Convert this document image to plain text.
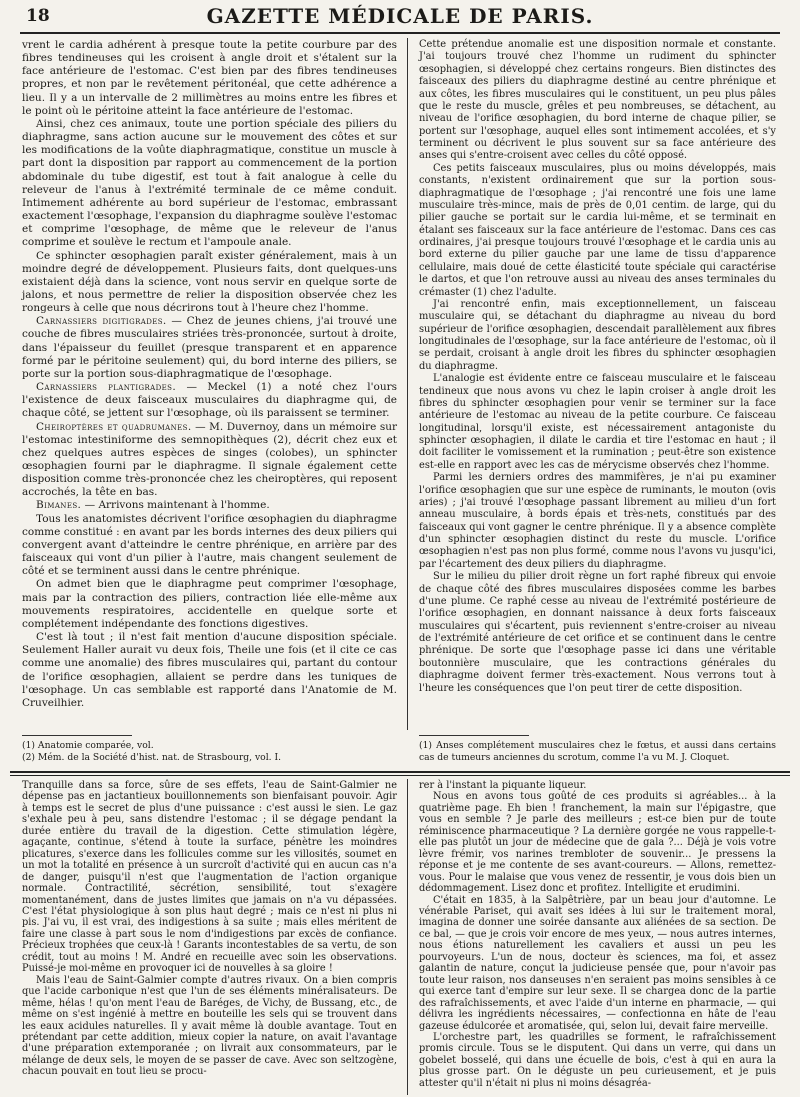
18	GAZETTE MÉDICALE DE PARIS.

vrent le cardia adhérent à presque toute la petite courbure par des fibres tendineuses qui les croisent à angle droit et s'étalent sur la face antérieure de l'estomac. C'est bien par des fibres tendineuses propres, et non par le revêtement péritonéal, que cette adhérence a lieu. Il y a un intervalle de 2 millimètres au moins entre les fibres et le point où le péritoine atteint la face antérieure de l'estomac.

Ainsi, chez ces animaux, toute une portion spéciale des piliers du diaphragme, sans action aucune sur le mouvement des côtes et sur les modifications de la voûte diaphragmatique, constitue un muscle à part dont la disposition par rapport au commencement de la portion abdominale du tube digestif, est tout à fait analogue à celle du releveur de l'anus à l'extrémité terminale de ce même conduit. Intimement adhérente au bord supérieur de l'estomac, embrassant exactement l'œsophage, l'expansion du diaphragme soulève l'estomac et comprime l'œsophage, de même que le releveur de l'anus comprime et soulève le rectum et l'ampoule anale.

Ce sphincter œsophagien paraît exister généralement, mais à un moindre degré de développement. Plusieurs faits, dont quelques-uns existaient déjà dans la science, vont nous servir en quelque sorte de jalons, et nous permettre de relier la disposition observée chez les rongeurs à celle que nous décrirons tout à l'heure chez l'homme.

Carnassiers digitigrades. — Chez de jeunes chiens, j'ai trouvé une couche de fibres musculaires striées très-prononcée, surtout à droite, dans l'épaisseur du feuillet (presque transparent et en apparence formé par le péritoine seulement) qui, du bord interne des piliers, se porte sur la portion sous-diaphragmatique de l'œsophage.

Carnassiers plantigrades. — Meckel (1) a noté chez l'ours l'existence de deux faisceaux musculaires du diaphragme qui, de chaque côté, se jettent sur l'œsophage, où ils paraissent se terminer.

Cheiroptères et quadrumanes. — M. Duvernoy, dans un mémoire sur l'estomac intestiniforme des semnopithèques (2), décrit chez eux et chez quelques autres espèces de singes (colobes), un sphincter œsophagien fourni par le diaphragme. Il signale également cette disposition comme très-prononcée chez les cheiroptères, qui reposent accrochés, la tête en bas.

Bimanes. — Arrivons maintenant à l'homme.

Tous les anatomistes décrivent l'orifice œsophagien du diaphragme comme constitué : en avant par les bords internes des deux piliers qui convergent avant d'atteindre le centre phrénique, en arrière par des faisceaux qui vont d'un pilier à l'autre, mais changent seulement de côté et se terminent aussi dans le centre phrénique.

On admet bien que le diaphragme peut comprimer l'œsophage, mais par la contraction des piliers, contraction liée elle-même aux mouvements respiratoires, accidentelle en quelque sorte et complétement indépendante des fonctions digestives.

C'est là tout ; il n'est fait mention d'aucune disposition spéciale. Seulement Haller aurait vu deux fois, Theile une fois (et il cite ce cas comme une anomalie) des fibres musculaires qui, partant du contour de l'orifice œsophagien, allaient se perdre dans les tuniques de l'œsophage. Un cas semblable est rapporté dans l'Anatomie de M. Cruveilhier.

Cette prétendue anomalie est une disposition normale et constante. J'ai toujours trouvé chez l'homme un rudiment du sphincter œsophagien, si développé chez certains rongeurs. Bien distinctes des faisceaux des piliers du diaphragme destiné au centre phrénique et aux côtes, les fibres musculaires qui le constituent, un peu plus pâles que le reste du muscle, grêles et peu nombreuses, se détachent, au niveau de l'orifice œsophagien, du bord interne de chaque pilier, se portent sur l'œsophage, auquel elles sont intimement accolées, et s'y terminent ou décrivent le plus souvent sur sa face antérieure des anses qui s'entre-croisent avec celles du côté opposé.

Ces petits faisceaux musculaires, plus ou moins développés, mais constants, n'existent ordinairement que sur la portion sous-diaphragmatique de l'œsophage ; j'ai rencontré une fois une lame musculaire très-mince, mais de près de 0,01 centim. de large, qui du pilier gauche se portait sur le cardia lui-même, et se terminait en étalant ses faisceaux sur la face antérieure de l'estomac. Dans ces cas ordinaires, j'ai presque toujours trouvé l'œsophage et le cardia unis au bord externe du pilier gauche par une lame de tissu d'apparence cellulaire, mais doué de cette élasticité toute spéciale qui caractérise le dartos, et que l'on retrouve aussi au niveau des anses terminales du crémaster (1) chez l'adulte.

J'ai rencontré enfin, mais exceptionnellement, un faisceau musculaire qui, se détachant du diaphragme au niveau du bord supérieur de l'orifice œsophagien, descendait parallèlement aux fibres longitudinales de l'œsophage, sur la face antérieure de l'estomac, où il se perdait, croisant à angle droit les fibres du sphincter œsophagien du diaphragme.

L'analogie est évidente entre ce faisceau musculaire et le faisceau tendineux que nous avons vu chez le lapin croiser à angle droit les fibres du sphincter œsophagien pour venir se terminer sur la face antérieure de l'estomac au niveau de la petite courbure. Ce faisceau longitudinal, lorsqu'il existe, est nécessairement antagoniste du sphincter œsophagien, il dilate le cardia et tire l'estomac en haut ; il doit faciliter le vomissement et la rumination ; peut-être son existence est-elle en rapport avec les cas de mérycisme observés chez l'homme.

Parmi les derniers ordres des mammifères, je n'ai pu examiner l'orifice œsophagien que sur une espèce de ruminants, le mouton (ovis aries) ; j'ai trouvé l'œsophage passant librement au milieu d'un fort anneau musculaire, à bords épais et très-nets, constitués par des faisceaux qui vont gagner le centre phrénique. Il y a absence complète d'un sphincter œsophagien distinct du reste du muscle. L'orifice œsophagien n'est pas non plus formé, comme nous l'avons vu jusqu'ici, par l'écartement des deux piliers du diaphragme.

Sur le milieu du pilier droit règne un fort raphé fibreux qui envoie de chaque côté des fibres musculaires disposées comme les barbes d'une plume. Ce raphé cesse au niveau de l'extrémité postérieure de l'orifice œsophagien, en donnant naissance à deux forts faisceaux musculaires qui s'écartent, puis reviennent s'entre-croiser au niveau de l'extrémité antérieure de cet orifice et se continuent dans le centre phrénique. De sorte que l'œsophage passe ici dans une véritable boutonnière musculaire, que les contractions générales du diaphragme doivent fermer très-exactement. Nous verrons tout à l'heure les conséquences que l'on peut tirer de cette disposition.

(1) Anatomie comparée, vol.

(2) Mém. de la Société d'hist. nat. de Strasbourg, vol. I.

(1) Anses complétement musculaires chez le fœtus, et aussi dans certains cas de tumeurs anciennes du scrotum, comme l'a vu M. J. Cloquet.

Tranquille dans sa force, sûre de ses effets, l'eau de Saint-Galmier ne dépense pas en jactantieux bouillonnements son bienfaisant pouvoir. Agir à temps est le secret de plus d'une puissance : c'est aussi le sien. Le gaz s'exhale peu à peu, sans distendre l'estomac ; il se dégage pendant la durée entière du travail de la digestion. Cette stimulation légère, agaçante, continue, s'étend à toute la surface, pénètre les moindres plicatures, s'exerce dans les follicules comme sur les villosités, soumet en un mot la totalité en présence à un surcroît d'activité qui en aucun cas n'a de danger, puisqu'il n'est que l'augmentation de l'action organique normale. Contractilité, sécrétion, sensibilité, tout s'exagère momentanément, dans de justes limites que jamais on n'a vu dépassées. C'est l'état physiologique à son plus haut degré ; mais ce n'est ni plus ni pis. J'ai vu, il est vrai, des indigestions à sa suite ; mais elles méritent de faire une classe à part sous le nom d'indigestions par excès de confiance. Précieux trophées que ceux-là ! Garants incontestables de sa vertu, de son crédit, tout au moins ! M. André en recueille avec soin les observations. Puissé-je moi-même en provoquer ici de nouvelles à sa gloire !

Mais l'eau de Saint-Galmier compte d'autres rivaux. On a bien compris que l'acide carbonique n'est que l'un de ses éléments minéralisateurs. De même, hélas ! qu'on ment l'eau de Baréges, de Vichy, de Bussang, etc., de même on s'est ingénié à mettre en bouteille les sels qui se trouvent dans les eaux acidules naturelles. Il y avait même là double avantage. Tout en prétendant par cette addition, mieux copier la nature, on avait l'avantage d'une préparation extemporanée ; on livrait aux consommateurs, par le mélange de deux sels, le moyen de se passer de cave. Avec son seltzogène, chacun pouvait en tout lieu se procu-

rer à l'instant la piquante liqueur.

Nous en avons tous goûté de ces produits si agréables... à la quatrième page. Eh bien ! franchement, la main sur l'épigastre, que vous en semble ? Je parle des meilleurs ; est-ce bien pur de toute réminiscence pharmaceutique ? La dernière gorgée ne vous rappelle-t-elle pas plutôt un jour de médecine que de gala ?... Déjà je vois votre lèvre frémir, vos narines trembloter de souvenir... Je pressens la réponse et je me contente de ses avant-coureurs. — Allons, remettez-vous. Pour le malaise que vous venez de ressentir, je vous dois bien un dédommagement. Lisez donc et profitez. Intelligite et erudimini.

C'était en 1835, à la Salpêtrière, par un beau jour d'automne. Le vénérable Pariset, qui avait ses idées à lui sur le traitement moral, imagina de donner une soirée dansante aux aliénées de sa section. De ce bal, — que je crois voir encore de mes yeux, — nous autres internes, nous étions naturellement les cavaliers et aussi un peu les pourvoyeurs. L'un de nous, docteur ès sciences, ma foi, et assez galantin de nature, conçut la judicieuse pensée que, pour n'avoir pas toute leur raison, nos danseuses n'en seraient pas moins sensibles à ce qui exerce tant d'empire sur leur sexe. Il se chargea donc de la partie des rafraîchissements, et avec l'aide d'un interne en pharmacie, — qui délivra les ingrédients nécessaires, — confectionna en hâte de l'eau gazeuse édulcorée et aromatisée, qui, selon lui, devait faire merveille.

L'orchestre part, les quadrilles se forment, le rafraîchissement promis circule. Tous se le disputent. Qui dans un verre, qui dans un gobelet bosselé, qui dans une écuelle de bois, c'est à qui en aura la plus grosse part. On le déguste un peu curieusement, et je puis attester qu'il n'était ni plus ni moins désagréa-
